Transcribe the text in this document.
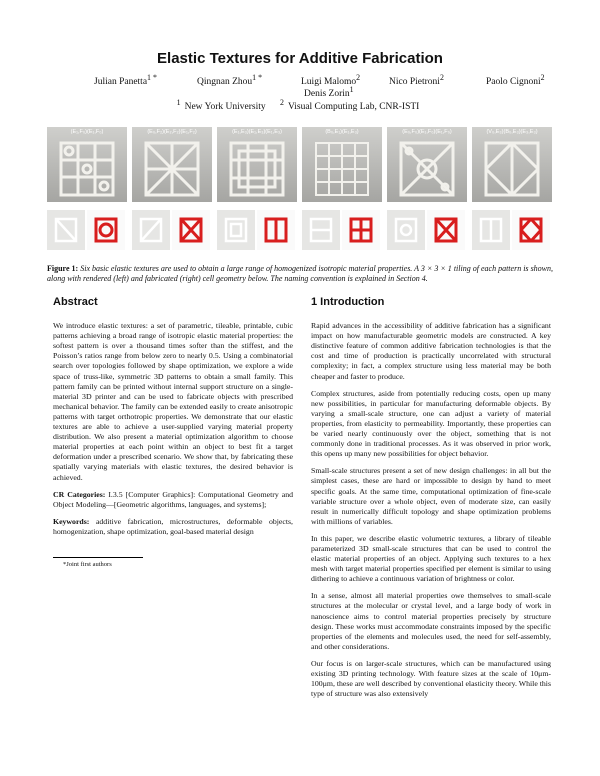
Elastic Textures for Additive Fabrication
Julian Panetta$^{1 *}$	Qingnan Zhou$^{1 *}$	Luigi Malomo$^2$	Nico Pietroni$^2$	Paolo Cignoni$^2$
Denis Zorin$^1$
$^1$ New York University $^2$ Visual Computing Lab, CNR-ISTI
(E₁,F₀)(E₁,F₀)	(E₀,F₂)(E₂,F₂)(E₁,F₂)	(E₁,E₃)(E₁,E₃)(E₁,E₃)	(B₀,E₁)(E₁,E₃)	(E₀,F₀)(E₁,F₀)(E₁,F₀)	(V₀,E₃)(B₀,E₃)(E₃,E₃)
Figure 1: Six basic elastic textures are used to obtain a large range of homogenized isotropic material properties. A 3 × 3 × 1 tiling of each pattern is shown, along with rendered (left) and fabricated (right) cell geometry below. The naming convention is explained in Section 4.
Abstract

We introduce elastic textures: a set of parametric, tileable, printable, cubic patterns achieving a broad range of isotropic elastic material properties: the softest pattern is over a thousand times softer than the stiffest, and the Poisson’s ratios range from below zero to nearly 0.5. Using a combinatorial search over topologies followed by shape optimization, we explore a wide space of truss-like, symmetric 3D patterns to obtain a small family. This pattern family can be printed without internal support structure on a single-material 3D printer and can be used to fabricate objects with prescribed mechanical behavior. The family can be extended easily to create anisotropic patterns with target orthotropic properties. We demonstrate that our elastic textures are able to achieve a user-supplied varying material property distribution. We also present a material optimization algorithm to choose material properties at each point within an object to best fit a target deformation under a prescribed scenario. We show that, by fabricating these spatially varying materials with elastic textures, the desired behavior is achieved.

CR Categories: I.3.5 [Computer Graphics]: Computational Geometry and Object Modeling—[Geometric algorithms, languages, and systems];

Keywords: additive fabrication, microstructures, deformable objects, homogenization, shape optimization, goal-based material design

*Joint first authors
1 Introduction

Rapid advances in the accessibility of additive fabrication has a significant impact on how manufacturable geometric models are constructed. A key distinctive feature of common additive fabrication technologies is that the cost and time of production is practically uncorrelated with structural complexity; in fact, a complex structure using less material may be both cheaper and faster to produce.

Complex structures, aside from potentially reducing costs, open up many new possibilities, in particular for manufacturing deformable objects. By varying a small-scale structure, one can adjust a variety of material properties, from elasticity to permeability. Importantly, these properties can be varied nearly continuously over the object, something that is not commonly done in traditional processes. As it was observed in prior work, this opens up many new possibilities for object behavior.

Small-scale structures present a set of new design challenges: in all but the simplest cases, these are hard or impossible to design by hand to meet specific goals. At the same time, computational optimization of fine-scale variable structure over a whole object, even of moderate size, can easily result in numerically difficult topology and shape optimization problems with millions of variables.

In this paper, we describe elastic volumetric textures, a library of tileable parameterized 3D small-scale structures that can be used to control the elastic material properties of an object. Applying such textures to a hex mesh with target material properties specified per element is similar to using dithering to achieve a continuous variation of brightness or color.

In a sense, almost all material properties owe themselves to small-scale structures at the molecular or crystal level, and a large body of work in nanoscience aims to control material properties precisely by structure design. These works must accommodate constraints imposed by the specific properties of the elements and molecules used, the need for self-assembly, and other considerations.

Our focus is on larger-scale structures, which can be manufactured using existing 3D printing technology. With feature sizes at the scale of 10μm-100μm, these are well described by conventional elasticity theory. While this type of structure was also extensively
